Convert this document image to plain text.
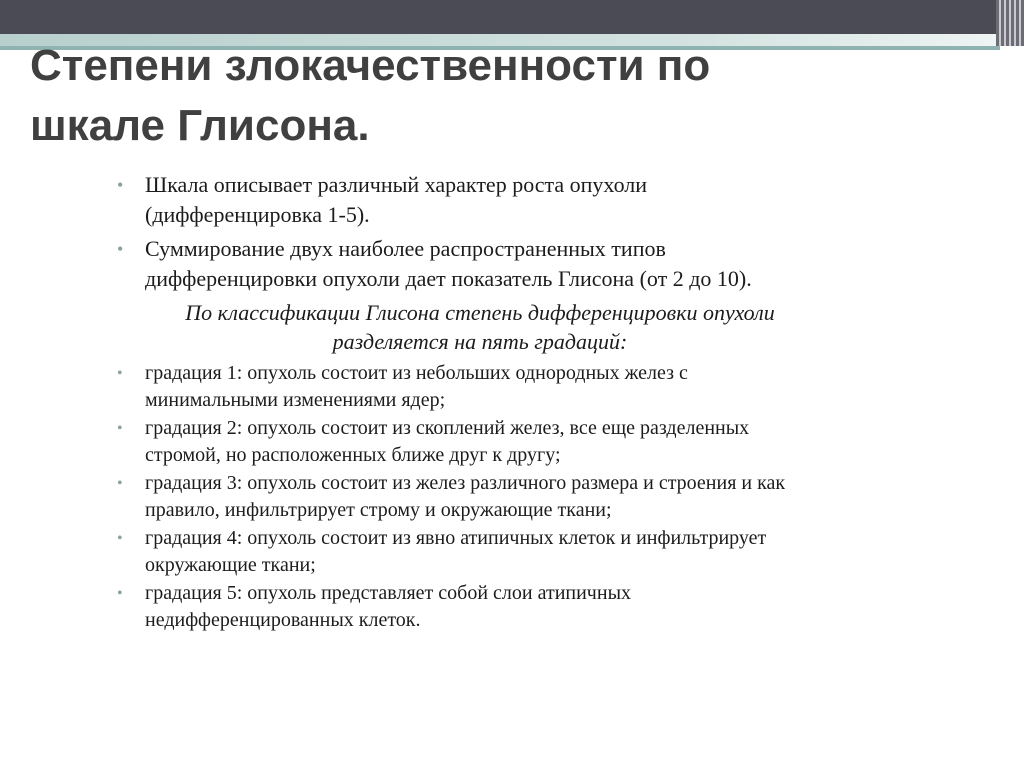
Степени злокачественности по
шкале Глисона.
• Шкала описывает различный характер роста опухоли (дифференцировка 1-5).
• Суммирование двух наиболее распространенных типов дифференцировки опухоли дает показатель Глисона (от 2 до 10).

По классификации Глисона степень дифференцировки опухоли разделяется на пять градаций:

• градация 1: опухоль состоит из небольших однородных желез с минимальными изменениями ядер;
• градация 2: опухоль состоит из скоплений желез, все еще разделенных стромой, но расположенных ближе друг к другу;
• градация 3: опухоль состоит из желез различного размера и строения и как правило, инфильтрирует строму и окружающие ткани;
• градация 4: опухоль состоит из явно атипичных клеток и инфильтрирует окружающие ткани;
• градация 5: опухоль представляет собой слои атипичных недифференцированных клеток.
